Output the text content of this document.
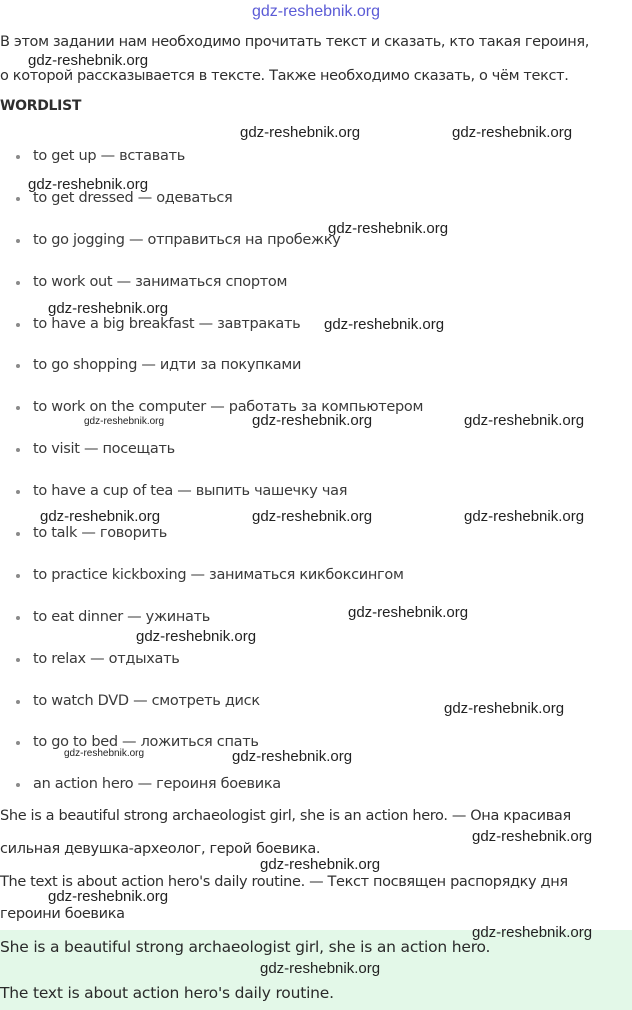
gdz-reshebnik.org
В этом задании нам необходимо прочитать текст и сказать, кто такая героиня,
о которой рассказывается в тексте. Также необходимо сказать, о чём текст.
WORDLIST
to get up — вставать
to get dressed — одеваться
to go jogging — отправиться на пробежку
to work out — заниматься спортом
to have a big breakfast — завтракать
to go shopping — идти за покупками
to work on the computer — работать за компьютером
to visit — посещать
to have a cup of tea — выпить чашечку чая
to talk — говорить
to practice kickboxing — заниматься кикбоксингом
to eat dinner — ужинать
to relax — отдыхать
to watch DVD — смотреть диск
to go to bed — ложиться спать
an action hero — героиня боевика
She is a beautiful strong archaeologist girl, she is an action hero. — Она красивая
сильная девушка-археолог, герой боевика.
The text is about action hero's daily routine. — Текст посвящен распорядку дня
героини боевика

She is a beautiful strong archaeologist girl, she is an action hero.

The text is about action hero's daily routine.

gdz-reshebnik.org
gdz-reshebnik.org	gdz-reshebnik.org
gdz-reshebnik.org
gdz-reshebnik.org
gdz-reshebnik.org
gdz-reshebnik.org
gdz-reshebnik.org	gdz-reshebnik.org	gdz-reshebnik.org
gdz-reshebnik.org	gdz-reshebnik.org	gdz-reshebnik.org
gdz-reshebnik.org
gdz-reshebnik.org
gdz-reshebnik.org
gdz-reshebnik.org	gdz-reshebnik.org
gdz-reshebnik.org
gdz-reshebnik.org
gdz-reshebnik.org
gdz-reshebnik.org
gdz-reshebnik.org
